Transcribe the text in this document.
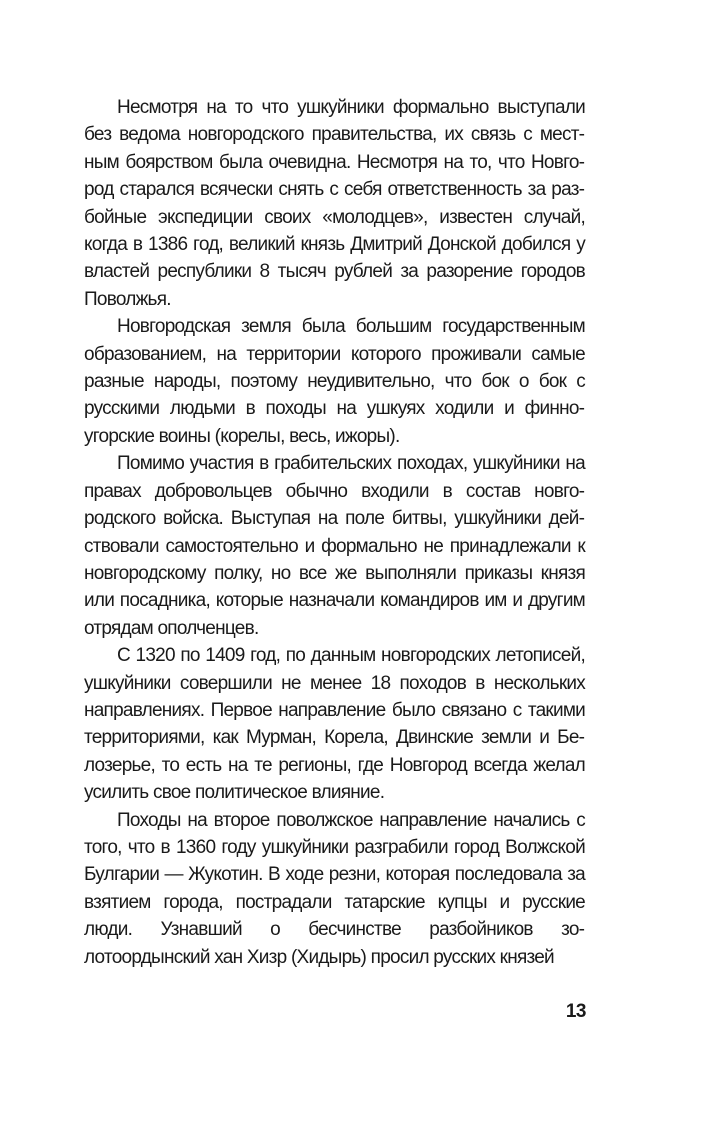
Несмотря на то что ушкуйники формально выступали без ведома новгородского правительства, их связь с местным боярством была очевидна. Несмотря на то, что Новгород старался всячески снять с себя ответственность за разбойные экспедиции своих «молодцев», известен случай, когда в 1386 год, великий князь Дмитрий Донской добился у властей республики 8 тысяч рублей за разорение городов Поволжья.

Новгородская земля была большим государственным образованием, на территории которого проживали самые разные народы, поэтому неудивительно, что бок о бок с русскими людьми в походы на ушкуях ходили и финноугорские воины (корелы, весь, ижоры).

Помимо участия в грабительских походах, ушкуйники на правах добровольцев обычно входили в состав новгородского войска. Выступая на поле битвы, ушкуйники действовали самостоятельно и формально не принадлежали к новгородскому полку, но все же выполняли приказы князя или посадника, которые назначали командиров им и другим отрядам ополченцев.

С 1320 по 1409 год, по данным новгородских летописей, ушкуйники совершили не менее 18 походов в нескольких направлениях. Первое направление было связано с такими территориями, как Мурман, Корела, Двинские земли и Белозерье, то есть на те регионы, где Новгород всегда желал усилить свое политическое влияние.

Походы на второе поволжское направление начались с того, что в 1360 году ушкуйники разграбили город Волжской Булгарии — Жукотин. В ходе резни, которая последовала за взятием города, пострадали татарские купцы и русские люди. Узнавший о бесчинстве разбойников золотоордынский хан Хизр (Хидырь) просил русских князей

13
